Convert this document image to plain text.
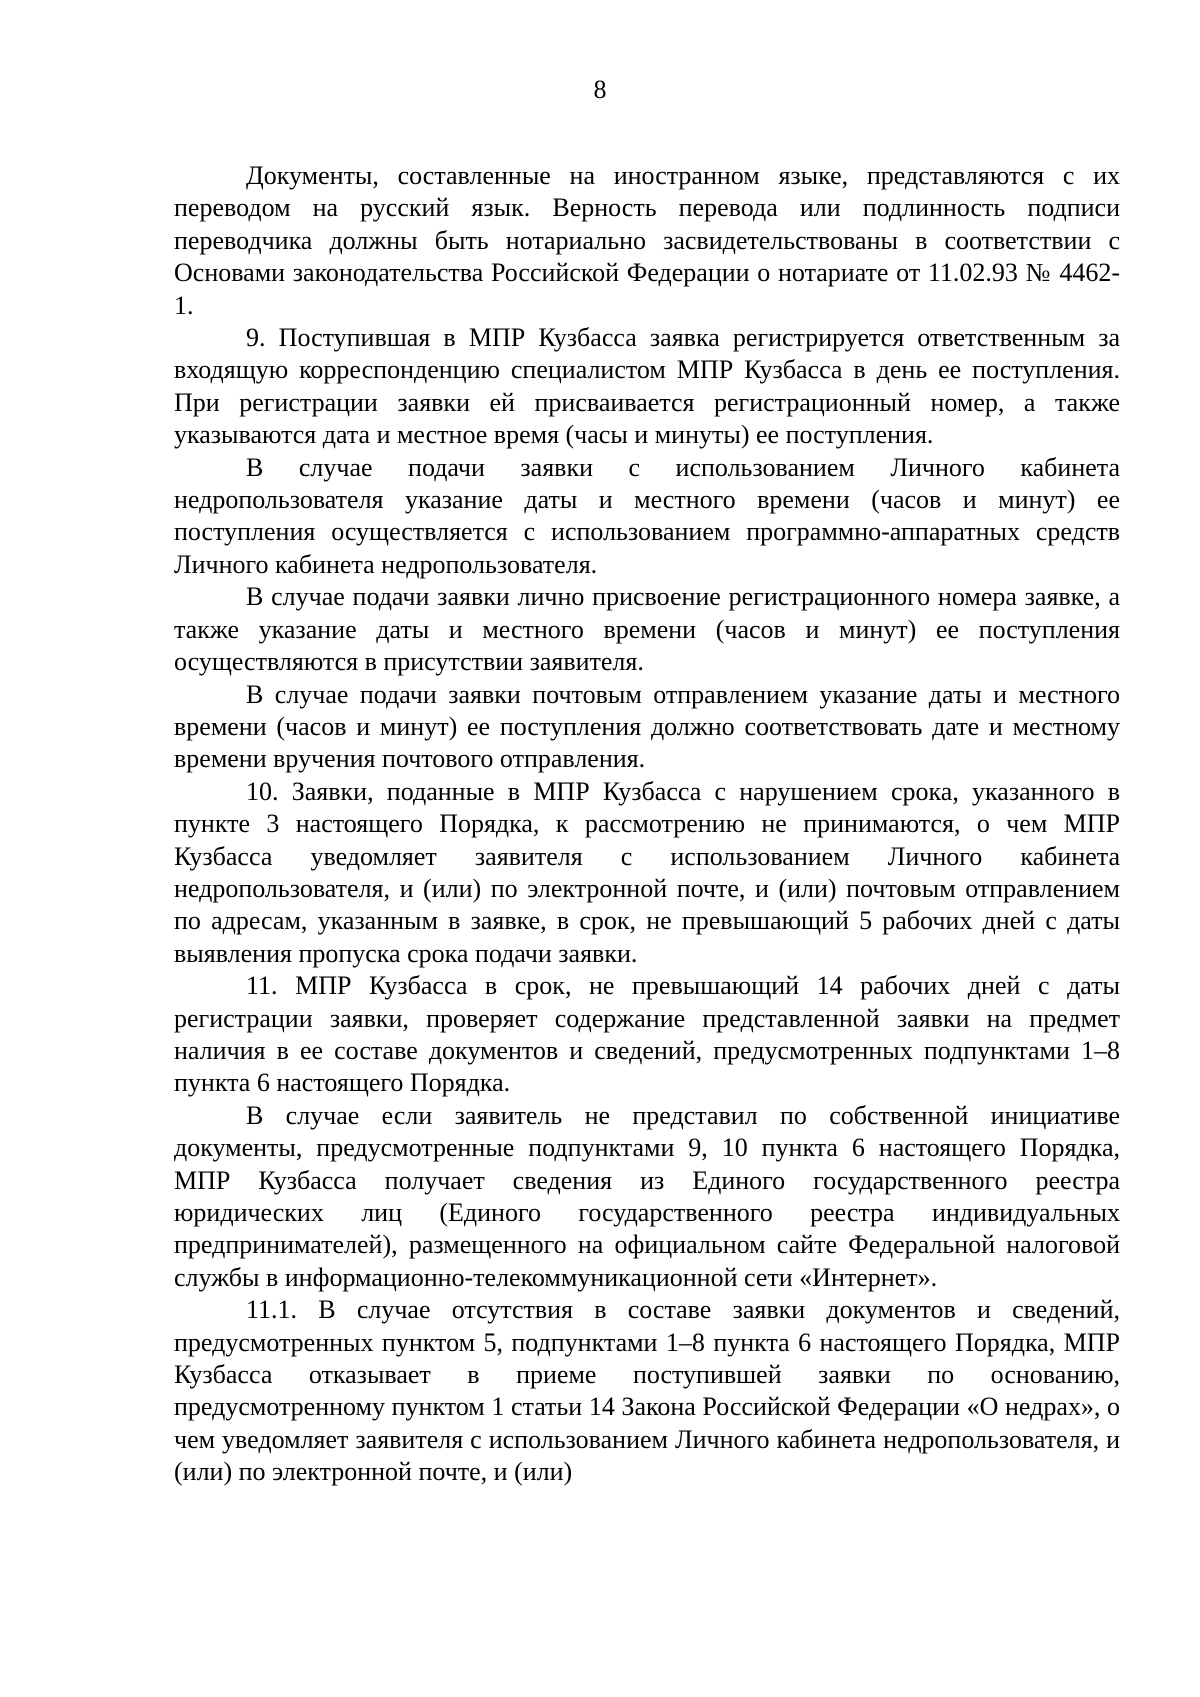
8

Документы, составленные на иностранном языке, представляются с их переводом на русский язык. Верность перевода или подлинность подписи переводчика должны быть нотариально засвидетельствованы в соответствии с Основами законодательства Российской Федерации о нотариате от 11.02.93 № 4462-1.

9. Поступившая в МПР Кузбасса заявка регистрируется ответственным за входящую корреспонденцию специалистом МПР Кузбасса в день ее поступления. При регистрации заявки ей присваивается регистрационный номер, а также указываются дата и местное время (часы и минуты) ее поступления.

В случае подачи заявки с использованием Личного кабинета недропользователя указание даты и местного времени (часов и минут) ее поступления осуществляется с использованием программно-аппаратных средств Личного кабинета недропользователя.

В случае подачи заявки лично присвоение регистрационного номера заявке, а также указание даты и местного времени (часов и минут) ее поступления осуществляются в присутствии заявителя.

В случае подачи заявки почтовым отправлением указание даты и местного времени (часов и минут) ее поступления должно соответствовать дате и местному времени вручения почтового отправления.

10. Заявки, поданные в МПР Кузбасса с нарушением срока, указанного в пункте 3 настоящего Порядка, к рассмотрению не принимаются, о чем МПР Кузбасса уведомляет заявителя с использованием Личного кабинета недропользователя, и (или) по электронной почте, и (или) почтовым отправлением по адресам, указанным в заявке, в срок, не превышающий 5 рабочих дней с даты выявления пропуска срока подачи заявки.

11. МПР Кузбасса в срок, не превышающий 14 рабочих дней с даты регистрации заявки, проверяет содержание представленной заявки на предмет наличия в ее составе документов и сведений, предусмотренных подпунктами 1–8 пункта 6 настоящего Порядка.

В случае если заявитель не представил по собственной инициативе документы, предусмотренные подпунктами 9, 10 пункта 6 настоящего Порядка, МПР Кузбасса получает сведения из Единого государственного реестра юридических лиц (Единого государственного реестра индивидуальных предпринимателей), размещенного на официальном сайте Федеральной налоговой службы в информационно-телекоммуникационной сети «Интернет».

11.1. В случае отсутствия в составе заявки документов и сведений, предусмотренных пунктом 5, подпунктами 1–8 пункта 6 настоящего Порядка, МПР Кузбасса отказывает в приеме поступившей заявки по основанию, предусмотренному пунктом 1 статьи 14 Закона Российской Федерации «О недрах», о чем уведомляет заявителя с использованием Личного кабинета недропользователя, и (или) по электронной почте, и (или)
